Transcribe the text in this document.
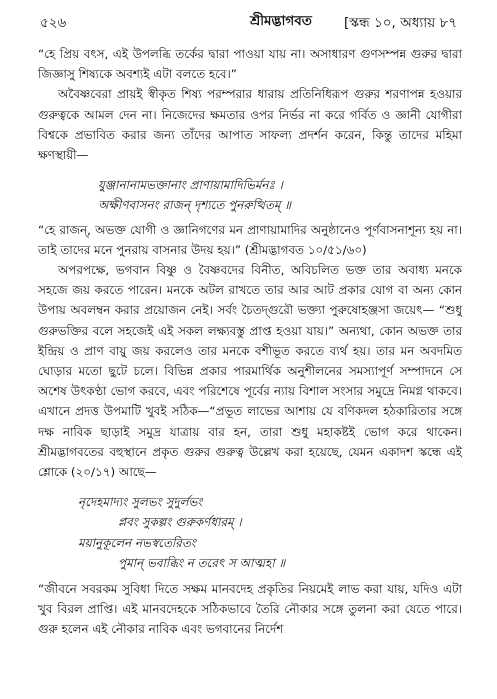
৫২৬	শ্রীমদ্ভাগবত [স্কন্ধ ১০, অধ্যায় ৮৭

“হে প্রিয় বৎস, এই উপলব্ধি তর্কের দ্বারা পাওয়া যায় না। অসাধারণ গুণসম্পন্ন গুরুর দ্বারা জিজ্ঞাসু শিষ্যকে অবশ্যই এটা বলতে হবে।”

অবৈষ্ণবেরা প্রায়ই স্বীকৃত শিষ্য পরম্পরার ধারায় প্রতিনিধিরূপ গুরুর শরণাপন্ন হওয়ার গুরুত্বকে আমল দেন না। নিজেদের ক্ষমতার ওপর নির্ভর না করে গর্বিত ও জ্ঞানী যোগীরা বিশ্বকে প্রভাবিত করার জন্য তাঁদের আপাত সাফল্য প্রদর্শন করেন, কিন্তু তাদের মহিমা ক্ষণস্থায়ী—

যুঞ্জানানামভক্তানাং প্রাণায়ামাদিভির্মনঃ ।

অক্ষীণবাসনং রাজন্ দৃশ্যতে পুনরুত্থিতম্ ॥

“হে রাজন্, অভক্ত যোগী ও জ্ঞানিগণের মন প্রাণায়ামাদির অনুষ্ঠানেও পূর্ণবাসনাশূন্য হয় না। তাই তাদের মনে পুনরায় বাসনার উদয় হয়।” (শ্রীমদ্ভাগবত ১০/৫১/৬০)

অপরপক্ষে, ভগবান বিষ্ণু ও বৈষ্ণবদের বিনীত, অবিচলিত ভক্ত তার অবাধ্য মনকে সহজে জয় করতে পারেন। মনকে অটল রাখতে তার আর আট প্রকার যোগ বা অন্য কোন উপায় অবলম্বন করার প্রয়োজন নেই। সর্বং চৈতদ্গুরৌ ভক্ত্যা পুরুষোহঞ্জসা জয়েৎ— “শুধু গুরুভক্তির বলে সহজেই এই সকল লক্ষ্যবস্তু প্রাপ্ত হওয়া যায়।” অন্যথা, কোন অভক্ত তার ইন্দ্রিয় ও প্রাণ বায়ু জয় করলেও তার মনকে বশীভূত করতে ব্যর্থ হয়। তার মন অবদমিত ঘোড়ার মতো ছুটে চলে। বিভিন্ন প্রকার পারমার্থিক অনুশীলনের সমস্যাপূর্ণ সম্পাদনে সে অশেষ উৎকণ্ঠা ভোগ করবে, এবং পরিশেষে পূর্বের ন্যায় বিশাল সংসার সমুদ্রে নিমগ্ন থাকবে। এখানে প্রদত্ত উপমাটি খুবই সঠিক—“প্রভূত লাভের আশায় যে বণিকদল হঠকারিতার সঙ্গে দক্ষ নাবিক ছাড়াই সমুদ্র যাত্রায় বার হন, তারা শুধু মহাকষ্টই ভোগ করে থাকেন। শ্রীমদ্ভাগবতের বহুস্থানে প্রকৃত গুরুর গুরুত্ব উল্লেখ করা হয়েছে, যেমন একাদশ স্কন্ধে এই শ্লোকে (২০/১৭) আছে—

নৃদেহমাদ্যং সুলভং সুদুর্লভং

প্লবং সুকল্পং গুরুকর্ণধারম্ ।

ময়ানুকূলেন নভস্বতেরিতং

পুমান্ ভবাব্ধিং ন তরেৎ স আত্মহা ॥

“জীবনে সবরকম সুবিধা দিতে সক্ষম মানবদেহ প্রকৃতির নিয়মেই লাভ করা যায়, যদিও এটা খুব বিরল প্রাপ্তি। এই মানবদেহকে সঠিকভাবে তৈরি নৌকার সঙ্গে তুলনা করা যেতে পারে। গুরু হলেন এই নৌকার নাবিক এবং ভগবানের নির্দেশ
